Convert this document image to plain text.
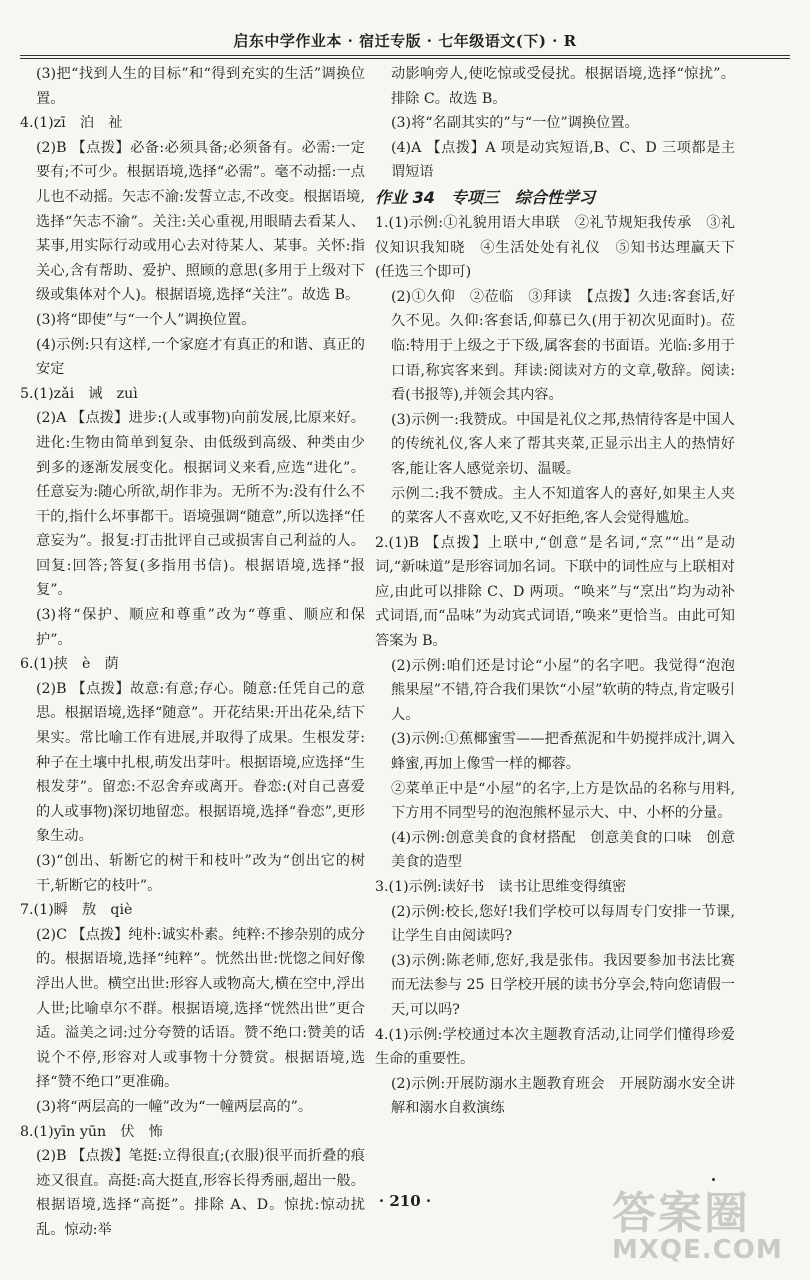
启东中学作业本 · 宿迁专版 · 七年级语文(下) · R

(3)把“找到人生的目标”和“得到充实的生活”调换位置。

4.(1)zī　泊　祉

(2)B 【点拨】必备:必须具备;必须备有。必需:一定要有;不可少。根据语境,选择“必需”。毫不动摇:一点儿也不动摇。矢志不渝:发誓立志,不改变。根据语境,选择“矢志不渝”。关注:关心重视,用眼睛去看某人、某事,用实际行动或用心去对待某人、某事。关怀:指关心,含有帮助、爱护、照顾的意思(多用于上级对下级或集体对个人)。根据语境,选择“关注”。故选 B。

(3)将“即使”与“一个人”调换位置。

(4)示例:只有这样,一个家庭才有真正的和谐、真正的安定

5.(1)zǎi　诫　zuì

(2)A 【点拨】进步:(人或事物)向前发展,比原来好。进化:生物由简单到复杂、由低级到高级、种类由少到多的逐渐发展变化。根据词义来看,应选“进化”。任意妄为:随心所欲,胡作非为。无所不为:没有什么不干的,指什么坏事都干。语境强调“随意”,所以选择“任意妄为”。报复:打击批评自己或损害自己利益的人。回复:回答;答复(多指用书信)。根据语境,选择“报复”。

(3)将“保护、顺应和尊重”改为“尊重、顺应和保护”。

6.(1)挟　è　荫

(2)B 【点拨】故意:有意;存心。随意:任凭自己的意思。根据语境,选择“随意”。开花结果:开出花朵,结下果实。常比喻工作有进展,并取得了成果。生根发芽:种子在土壤中扎根,萌发出芽叶。根据语境,应选择“生根发芽”。留恋:不忍舍弃或离开。眷恋:(对自己喜爱的人或事物)深切地留恋。根据语境,选择“眷恋”,更形象生动。

(3)“创出、斩断它的树干和枝叶”改为“创出它的树干,斩断它的枝叶”。

7.(1)瞬　敖　qiè

(2)C 【点拨】纯朴:诚实朴素。纯粹:不掺杂别的成分的。根据语境,选择“纯粹”。恍然出世:恍惚之间好像浮出人世。横空出世:形容人或物高大,横在空中,浮出人世;比喻卓尔不群。根据语境,选择“恍然出世”更合适。溢美之词:过分夸赞的话语。赞不绝口:赞美的话说个不停,形容对人或事物十分赞赏。根据语境,选择“赞不绝口”更准确。

(3)将“两层高的一幢”改为“一幢两层高的”。

8.(1)yīn yūn　伏　怖

(2)B 【点拨】笔挺:立得很直;(衣服)很平而折叠的痕迹又很直。高挺:高大挺直,形容长得秀丽,超出一般。根据语境,选择“高挺”。排除 A、D。惊扰:惊动扰乱。惊动:举

动影响旁人,使吃惊或受侵扰。根据语境,选择“惊扰”。排除 C。故选 B。

(3)将“名副其实的”与“一位”调换位置。

(4)A 【点拨】A 项是动宾短语,B、C、D 三项都是主谓短语

作业 34　专项三　综合性学习

1.(1)示例:①礼貌用语大串联　②礼节规矩我传承　③礼仪知识我知晓　④生活处处有礼仪　⑤知书达理赢天下(任选三个即可)

(2)①久仰　②莅临　③拜读　【点拨】久违:客套话,好久不见。久仰:客套话,仰慕已久(用于初次见面时)。莅临:特用于上级之于下级,属客套的书面语。光临:多用于口语,称宾客来到。拜读:阅读对方的文章,敬辞。阅读:看(书报等),并领会其内容。

(3)示例一:我赞成。中国是礼仪之邦,热情待客是中国人的传统礼仪,客人来了帮其夹菜,正显示出主人的热情好客,能让客人感觉亲切、温暖。

示例二:我不赞成。主人不知道客人的喜好,如果主人夹的菜客人不喜欢吃,又不好拒绝,客人会觉得尴尬。

2.(1)B 【点拨】上联中,“创意”是名词,“烹”“出”是动词,“新味道”是形容词加名词。下联中的词性应与上联相对应,由此可以排除 C、D 两项。“唤来”与“烹出”均为动补式词语,而“品味”为动宾式词语,“唤来”更恰当。由此可知答案为 B。

(2)示例:咱们还是讨论“小屋”的名字吧。我觉得“泡泡熊果屋”不错,符合我们果饮“小屋”软萌的特点,肯定吸引人。

(3)示例:①蕉椰蜜雪——把香蕉泥和牛奶搅拌成汁,调入蜂蜜,再加上像雪一样的椰蓉。

②菜单正中是“小屋”的名字,上方是饮品的名称与用料,下方用不同型号的泡泡熊杯显示大、中、小杯的分量。

(4)示例:创意美食的食材搭配　创意美食的口味　创意美食的造型

3.(1)示例:读好书　读书让思维变得缜密

(2)示例:校长,您好!我们学校可以每周专门安排一节课,让学生自由阅读吗?

(3)示例:陈老师,您好,我是张伟。我因要参加书法比赛而无法参与 25 日学校开展的读书分享会,特向您请假一天,可以吗?

4.(1)示例:学校通过本次主题教育活动,让同学们懂得珍爱生命的重要性。

(2)示例:开展防溺水主题教育班会　开展防溺水安全讲解和溺水自救演练

· 210 ·	答案圈
MXQE.COM
